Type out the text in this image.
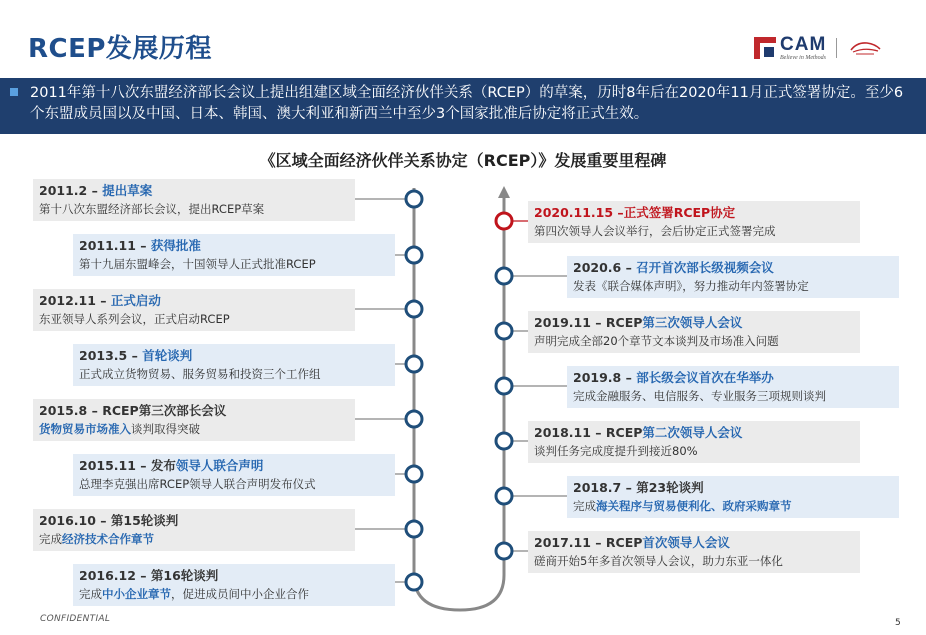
RCEP发展历程	CAM
Believe in Methods
2011年第十八次东盟经济部长会议上提出组建区域全面经济伙伴关系（RCEP）的草案，历时8年后在2020年11月正式签署协定。至少6个东盟成员国以及中国、日本、韩国、澳大利亚和新西兰中至少3个国家批准后协定将正式生效。
《区域全面经济伙伴关系协定（RCEP）》发展重要里程碑
2011.2 – 提出草案
第十八次东盟经济部长会议，提出RCEP草案
2011.11 – 获得批准
第十九届东盟峰会，十国领导人正式批准RCEP
2012.11 – 正式启动
东亚领导人系列会议，正式启动RCEP
2013.5 – 首轮谈判
正式成立货物贸易、服务贸易和投资三个工作组
2015.8 – RCEP第三次部长会议
货物贸易市场准入谈判取得突破
2015.11 – 发布领导人联合声明
总理李克强出席RCEP领导人联合声明发布仪式
2016.10 – 第15轮谈判
完成经济技术合作章节
2016.12 – 第16轮谈判
完成中小企业章节，促进成员间中小企业合作
2020.11.15 –正式签署RCEP协定
第四次领导人会议举行，会后协定正式签署完成
2020.6 – 召开首次部长级视频会议
发表《联合媒体声明》，努力推动年内签署协定
2019.11 – RCEP第三次领导人会议
声明完成全部20个章节文本谈判及市场准入问题
2019.8 – 部长级会议首次在华举办
完成金融服务、电信服务、专业服务三项规则谈判
2018.11 – RCEP第二次领导人会议
谈判任务完成度提升到接近80%
2018.7 – 第23轮谈判
完成海关程序与贸易便利化、政府采购章节
2017.11 – RCEP首次领导人会议
磋商开始5年多首次领导人会议，助力东亚一体化
CONFIDENTIAL	5
